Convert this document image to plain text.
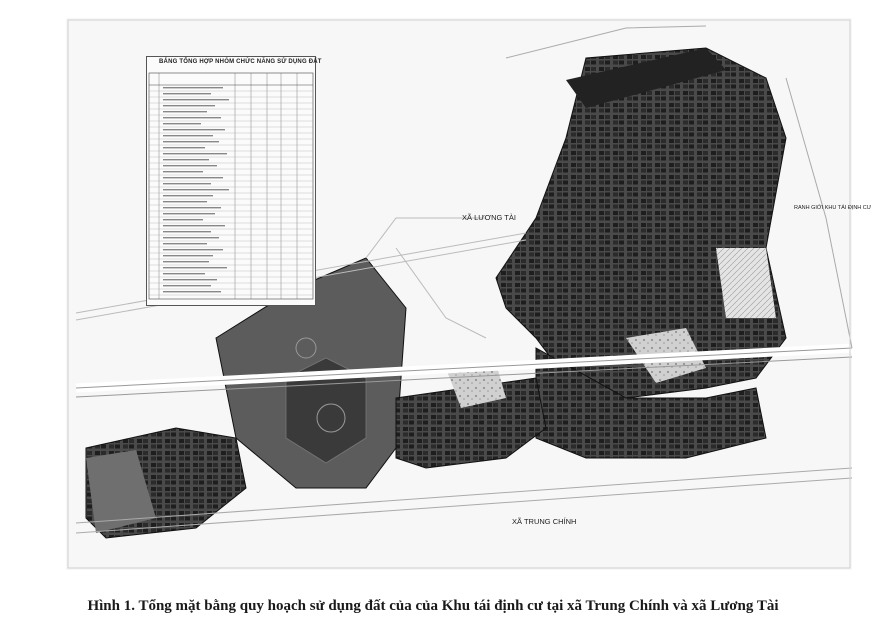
BẢNG TỔNG HỢP NHÓM CHỨC NĂNG SỬ DỤNG ĐẤT
XÃ LƯƠNG TÀI
XÃ TRUNG CHÍNH
RANH GIỚI KHU TÁI ĐỊNH CƯ
Hình 1. Tổng mặt bằng quy hoạch sử dụng đất của của Khu tái định cư tại xã Trung Chính và xã Lương Tài
